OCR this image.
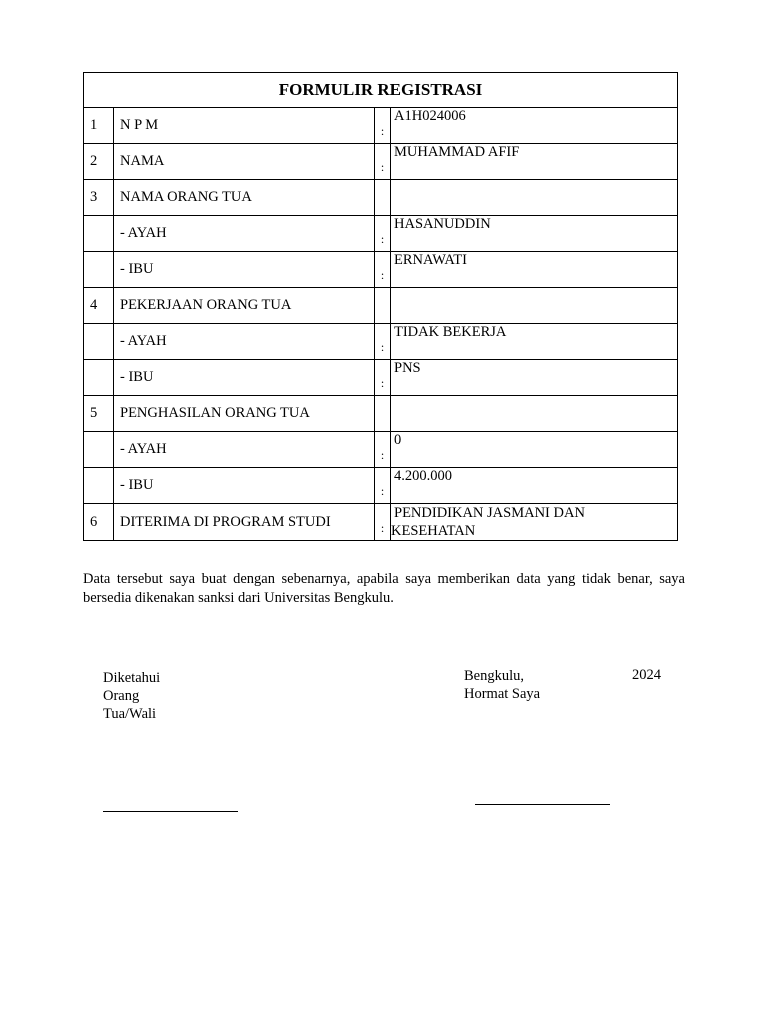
FORMULIR REGISTRASI			
1	N P M	:	A1H024006
2	NAMA	:	MUHAMMAD AFIF
3	NAMA ORANG TUA		
	- AYAH	:	HASANUDDIN
	- IBU	:	ERNAWATI
4	PEKERJAAN ORANG TUA		
	- AYAH	:	TIDAK BEKERJA
	- IBU	:	PNS
5	PENGHASILAN ORANG TUA		
	- AYAH	:	0
	- IBU	:	4.200.000
6	DITERIMA DI PROGRAM STUDI	:	PENDIDIKAN JASMANI DAN
KESEHATAN
Data tersebut saya buat dengan sebenarnya, apabila saya memberikan data yang tidak benar, saya bersedia dikenakan sanksi dari Universitas Bengkulu.
Diketahui
Orang
Tua/Wali
Bengkulu,
Hormat Saya
2024
